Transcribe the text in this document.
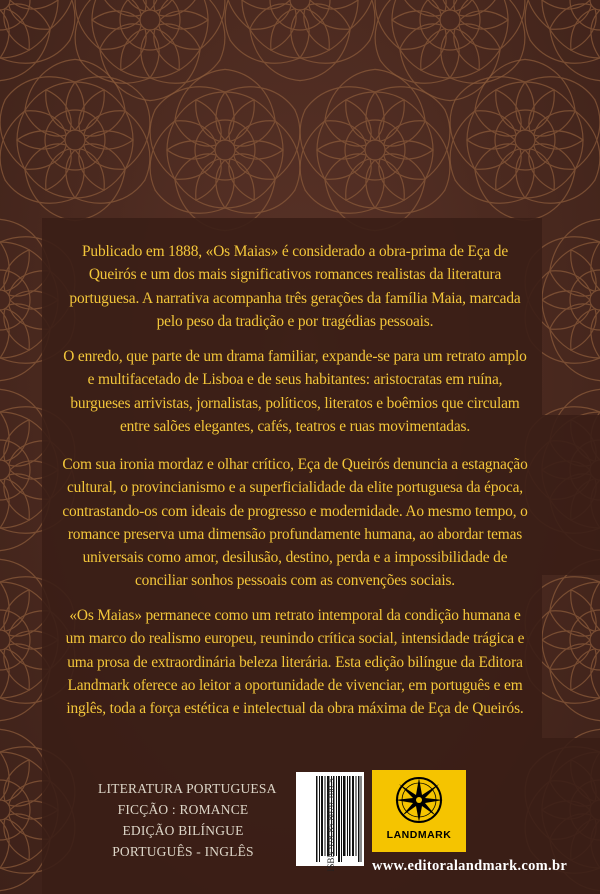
Publicado em 1888, «Os Maias» é considerado a obra-prima de Eça de Queirós e um dos mais significativos romances realistas da literatura portuguesa. A narrativa acompanha três gerações da família Maia, marcada pelo peso da tradição e por tragédias pessoais.

O enredo, que parte de um drama familiar, expande-se para um retrato amplo e multifacetado de Lisboa e de seus habitantes: aristocratas em ruína, burgueses arrivistas, jornalistas, políticos, literatos e boêmios que circulam entre salões elegantes, cafés, teatros e ruas movimentadas.

Com sua ironia mordaz e olhar crítico, Eça de Queirós denuncia a estagnação cultural, o provincianismo e a superficialidade da elite portuguesa da época, contrastando-os com ideais de progresso e modernidade. Ao mesmo tempo, o romance preserva uma dimensão profundamente humana, ao abordar temas universais como amor, desilusão, destino, perda e a impossibilidade de conciliar sonhos pessoais com as convenções sociais.

«Os Maias» permanece como um retrato intemporal da condição humana e um marco do realismo europeu, reunindo crítica social, intensidade trágica e uma prosa de extraordinária beleza literária. Esta edição bilíngue da Editora Landmark oferece ao leitor a oportunidade de vivenciar, em português e em inglês, toda a força estética e intelectual da obra máxima de Eça de Queirós.

LITERATURA PORTUGUESA
FICÇÃO : ROMANCE
EDIÇÃO BILÍNGUE
PORTUGUÊS - INGLÊS	ISBN 978-85-8070-100-5	LANDMARK
www.editoralandmark.com.br
